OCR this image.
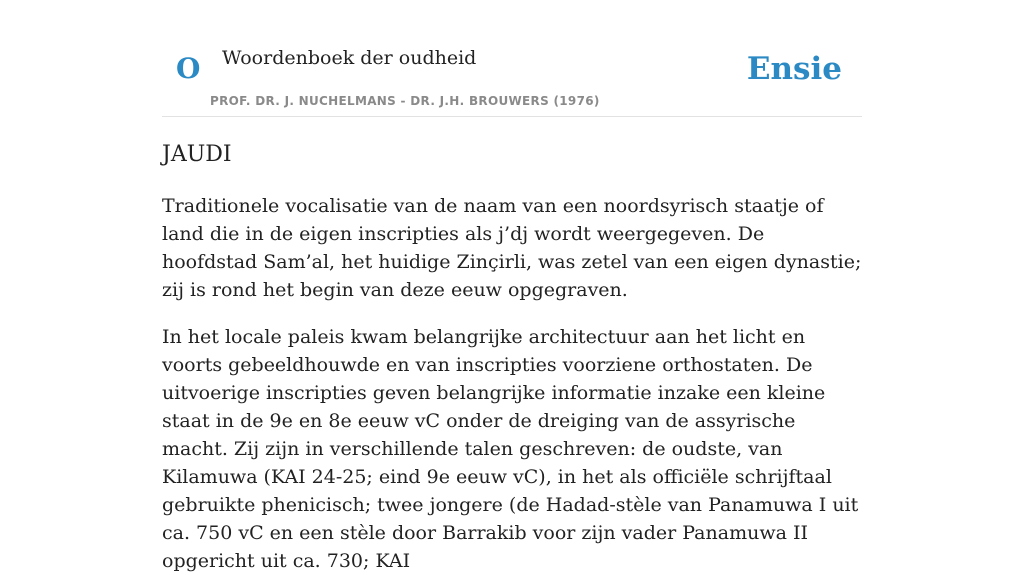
O Woordenboek der oudheid
PROF. DR. J. NUCHELMANS - DR. J.H. BROUWERS (1976)
Ensie
JAUDI

Traditionele vocalisatie van de naam van een noordsyrisch staatje of land die in de eigen inscripties als j’dj wordt weergegeven. De hoofdstad Sam’al, het huidige Zinçirli, was zetel van een eigen dynastie; zij is rond het begin van deze eeuw opgegraven.

In het locale paleis kwam belangrijke architectuur aan het licht en voorts gebeeldhouwde en van inscripties voorziene orthostaten. De uitvoerige inscripties geven belangrijke informatie inzake een kleine staat in de 9e en 8e eeuw vC onder de dreiging van de assyrische macht. Zij zijn in verschillende talen geschreven: de oudste, van Kilamuwa (KAI 24-25; eind 9e eeuw vC), in het als officiële schrijftaal gebruikte phenicisch; twee jongere (de Hadad-stèle van Panamuwa I uit ca. 750 vC en een stèle door Barrakib voor zijn vader Panamuwa II opgericht uit ca. 730; KAI
